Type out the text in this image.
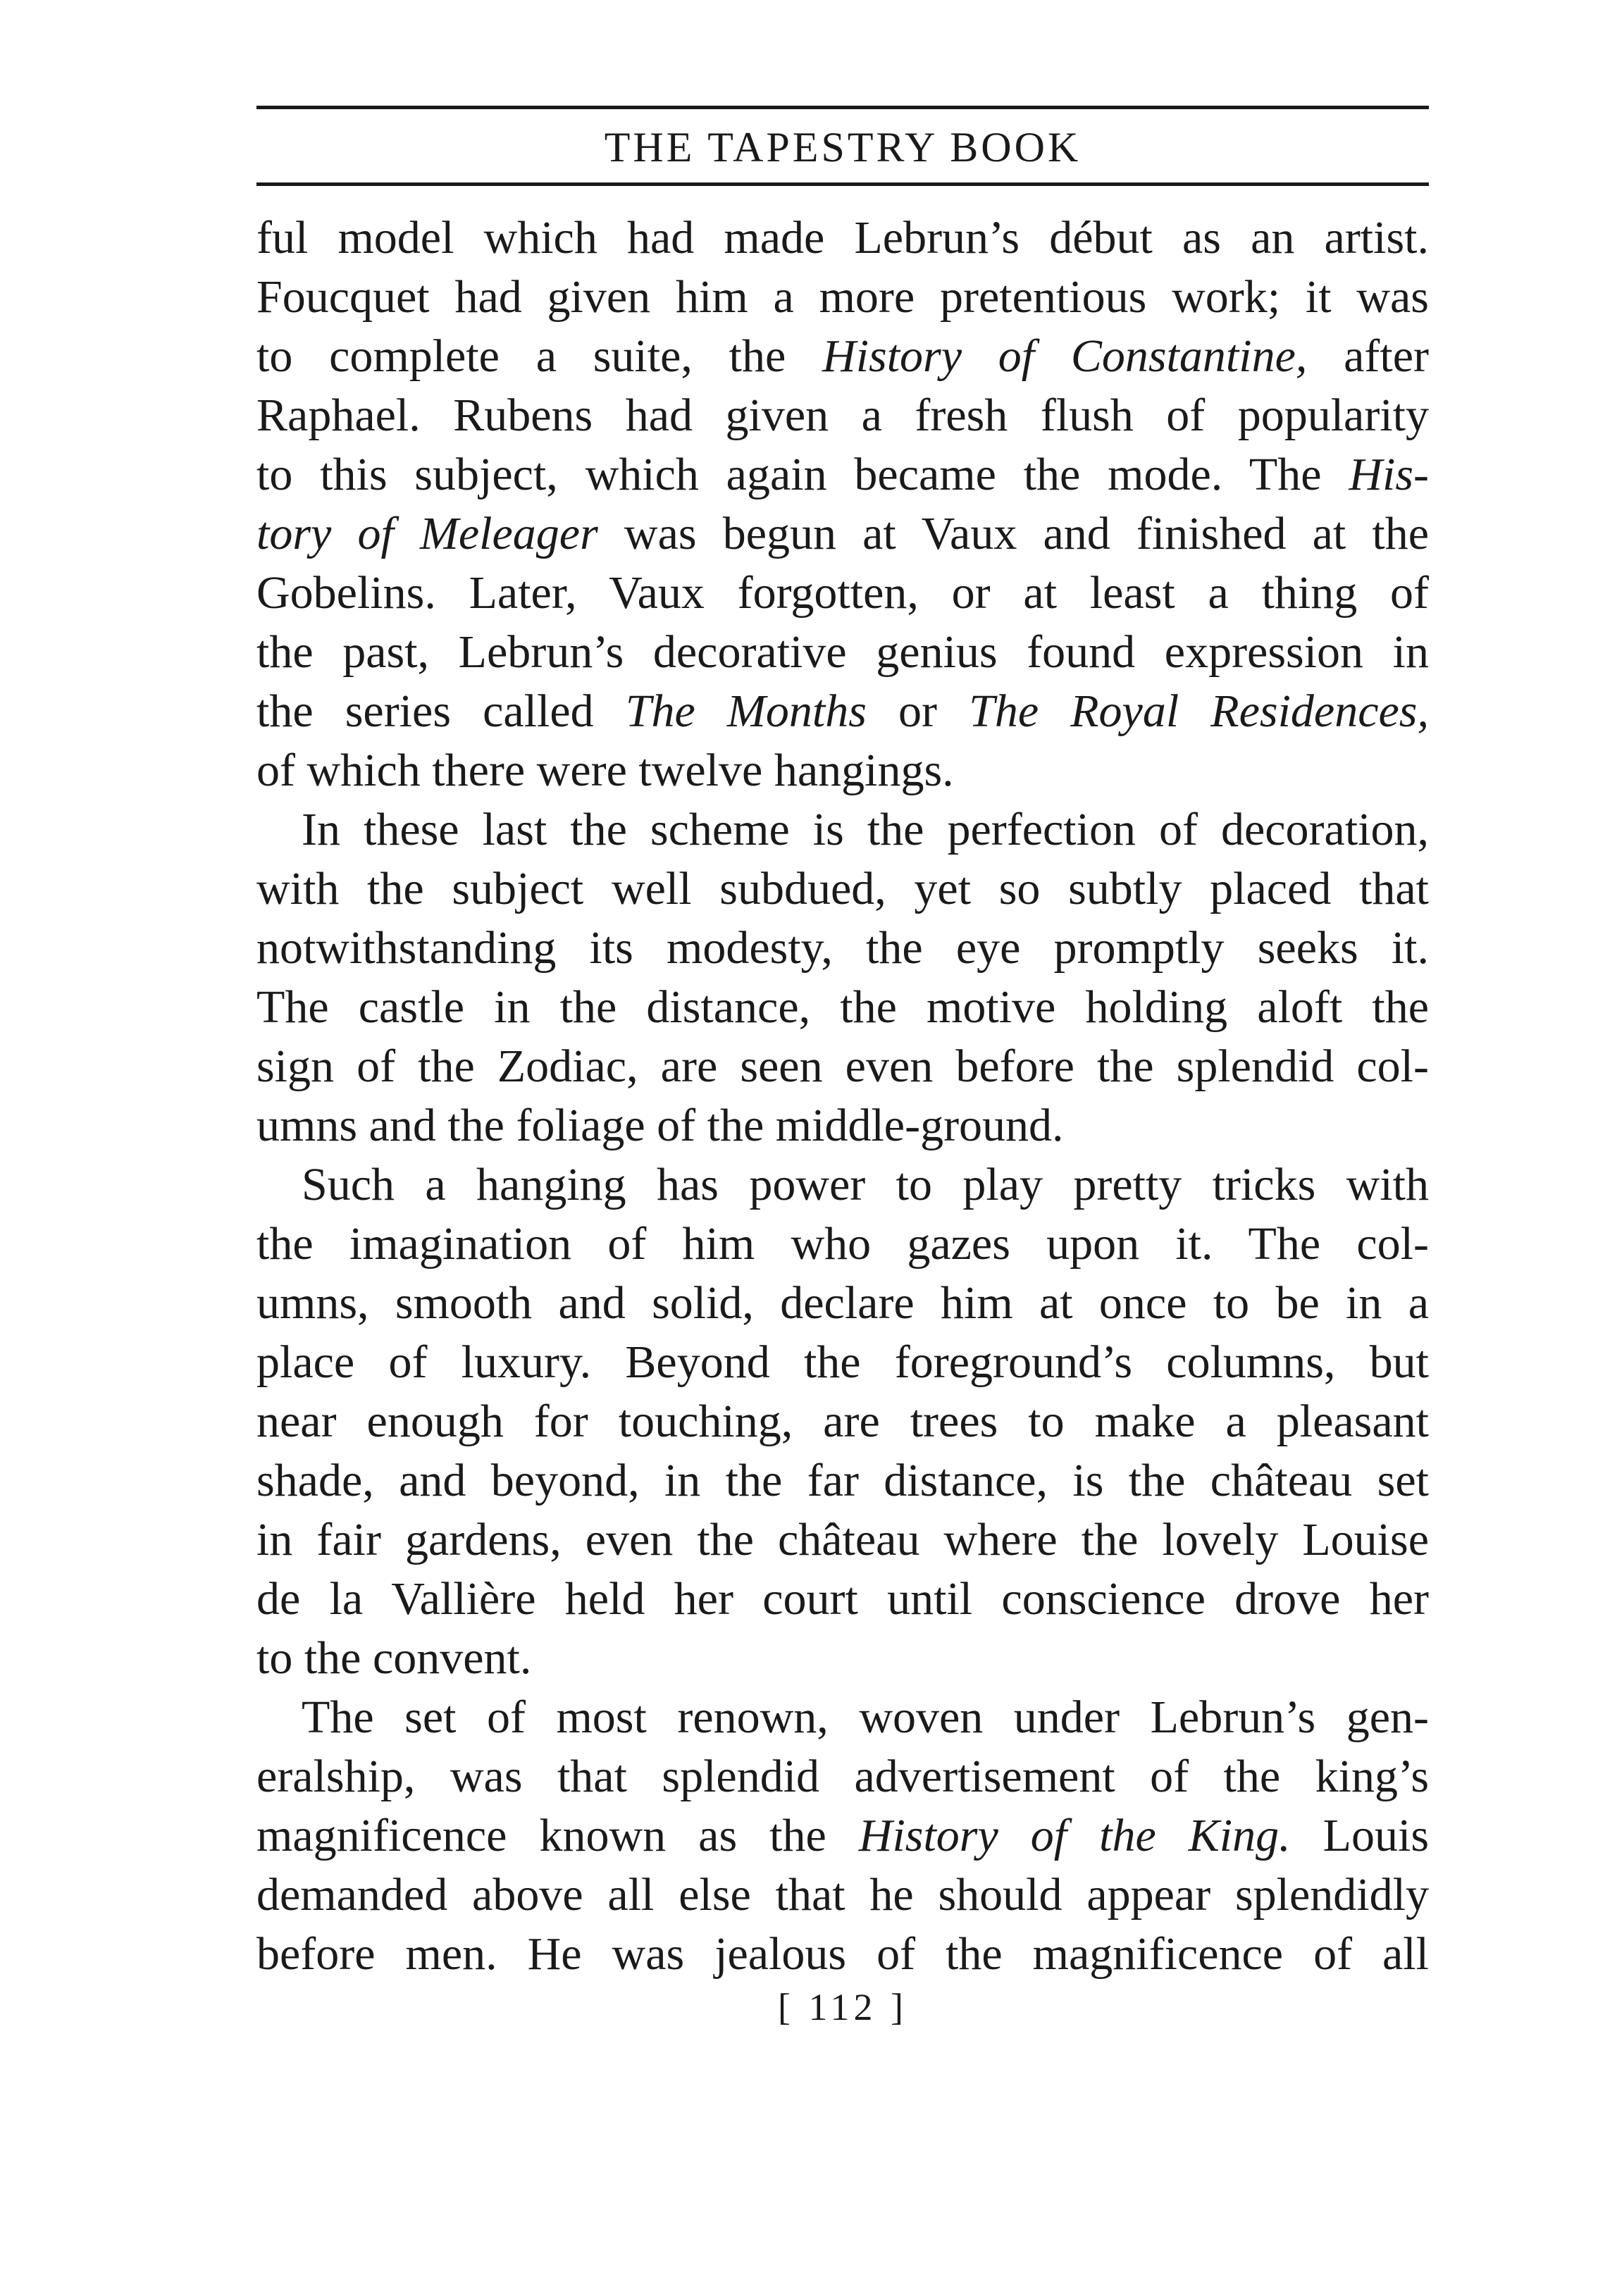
THE TAPESTRY BOOK
ful model which had made Lebrun’s début as an artist.
Foucquet had given him a more pretentious work; it was
to complete a suite, the History of Constantine, after
Raphael. Rubens had given a fresh flush of popularity
to this subject, which again became the mode. The His-
tory of Meleager was begun at Vaux and finished at the
Gobelins. Later, Vaux forgotten, or at least a thing of
the past, Lebrun’s decorative genius found expression in
the series called The Months or The Royal Residences,
of which there were twelve hangings.
In these last the scheme is the perfection of decoration,
with the subject well subdued, yet so subtly placed that
notwithstanding its modesty, the eye promptly seeks it.
The castle in the distance, the motive holding aloft the
sign of the Zodiac, are seen even before the splendid col-
umns and the foliage of the middle-ground.
Such a hanging has power to play pretty tricks with
the imagination of him who gazes upon it. The col-
umns, smooth and solid, declare him at once to be in a
place of luxury. Beyond the foreground’s columns, but
near enough for touching, are trees to make a pleasant
shade, and beyond, in the far distance, is the château set
in fair gardens, even the château where the lovely Louise
de la Vallière held her court until conscience drove her
to the convent.
The set of most renown, woven under Lebrun’s gen-
eralship, was that splendid advertisement of the king’s
magnificence known as the History of the King. Louis
demanded above all else that he should appear splendidly
before men. He was jealous of the magnificence of all
[ 112 ]
